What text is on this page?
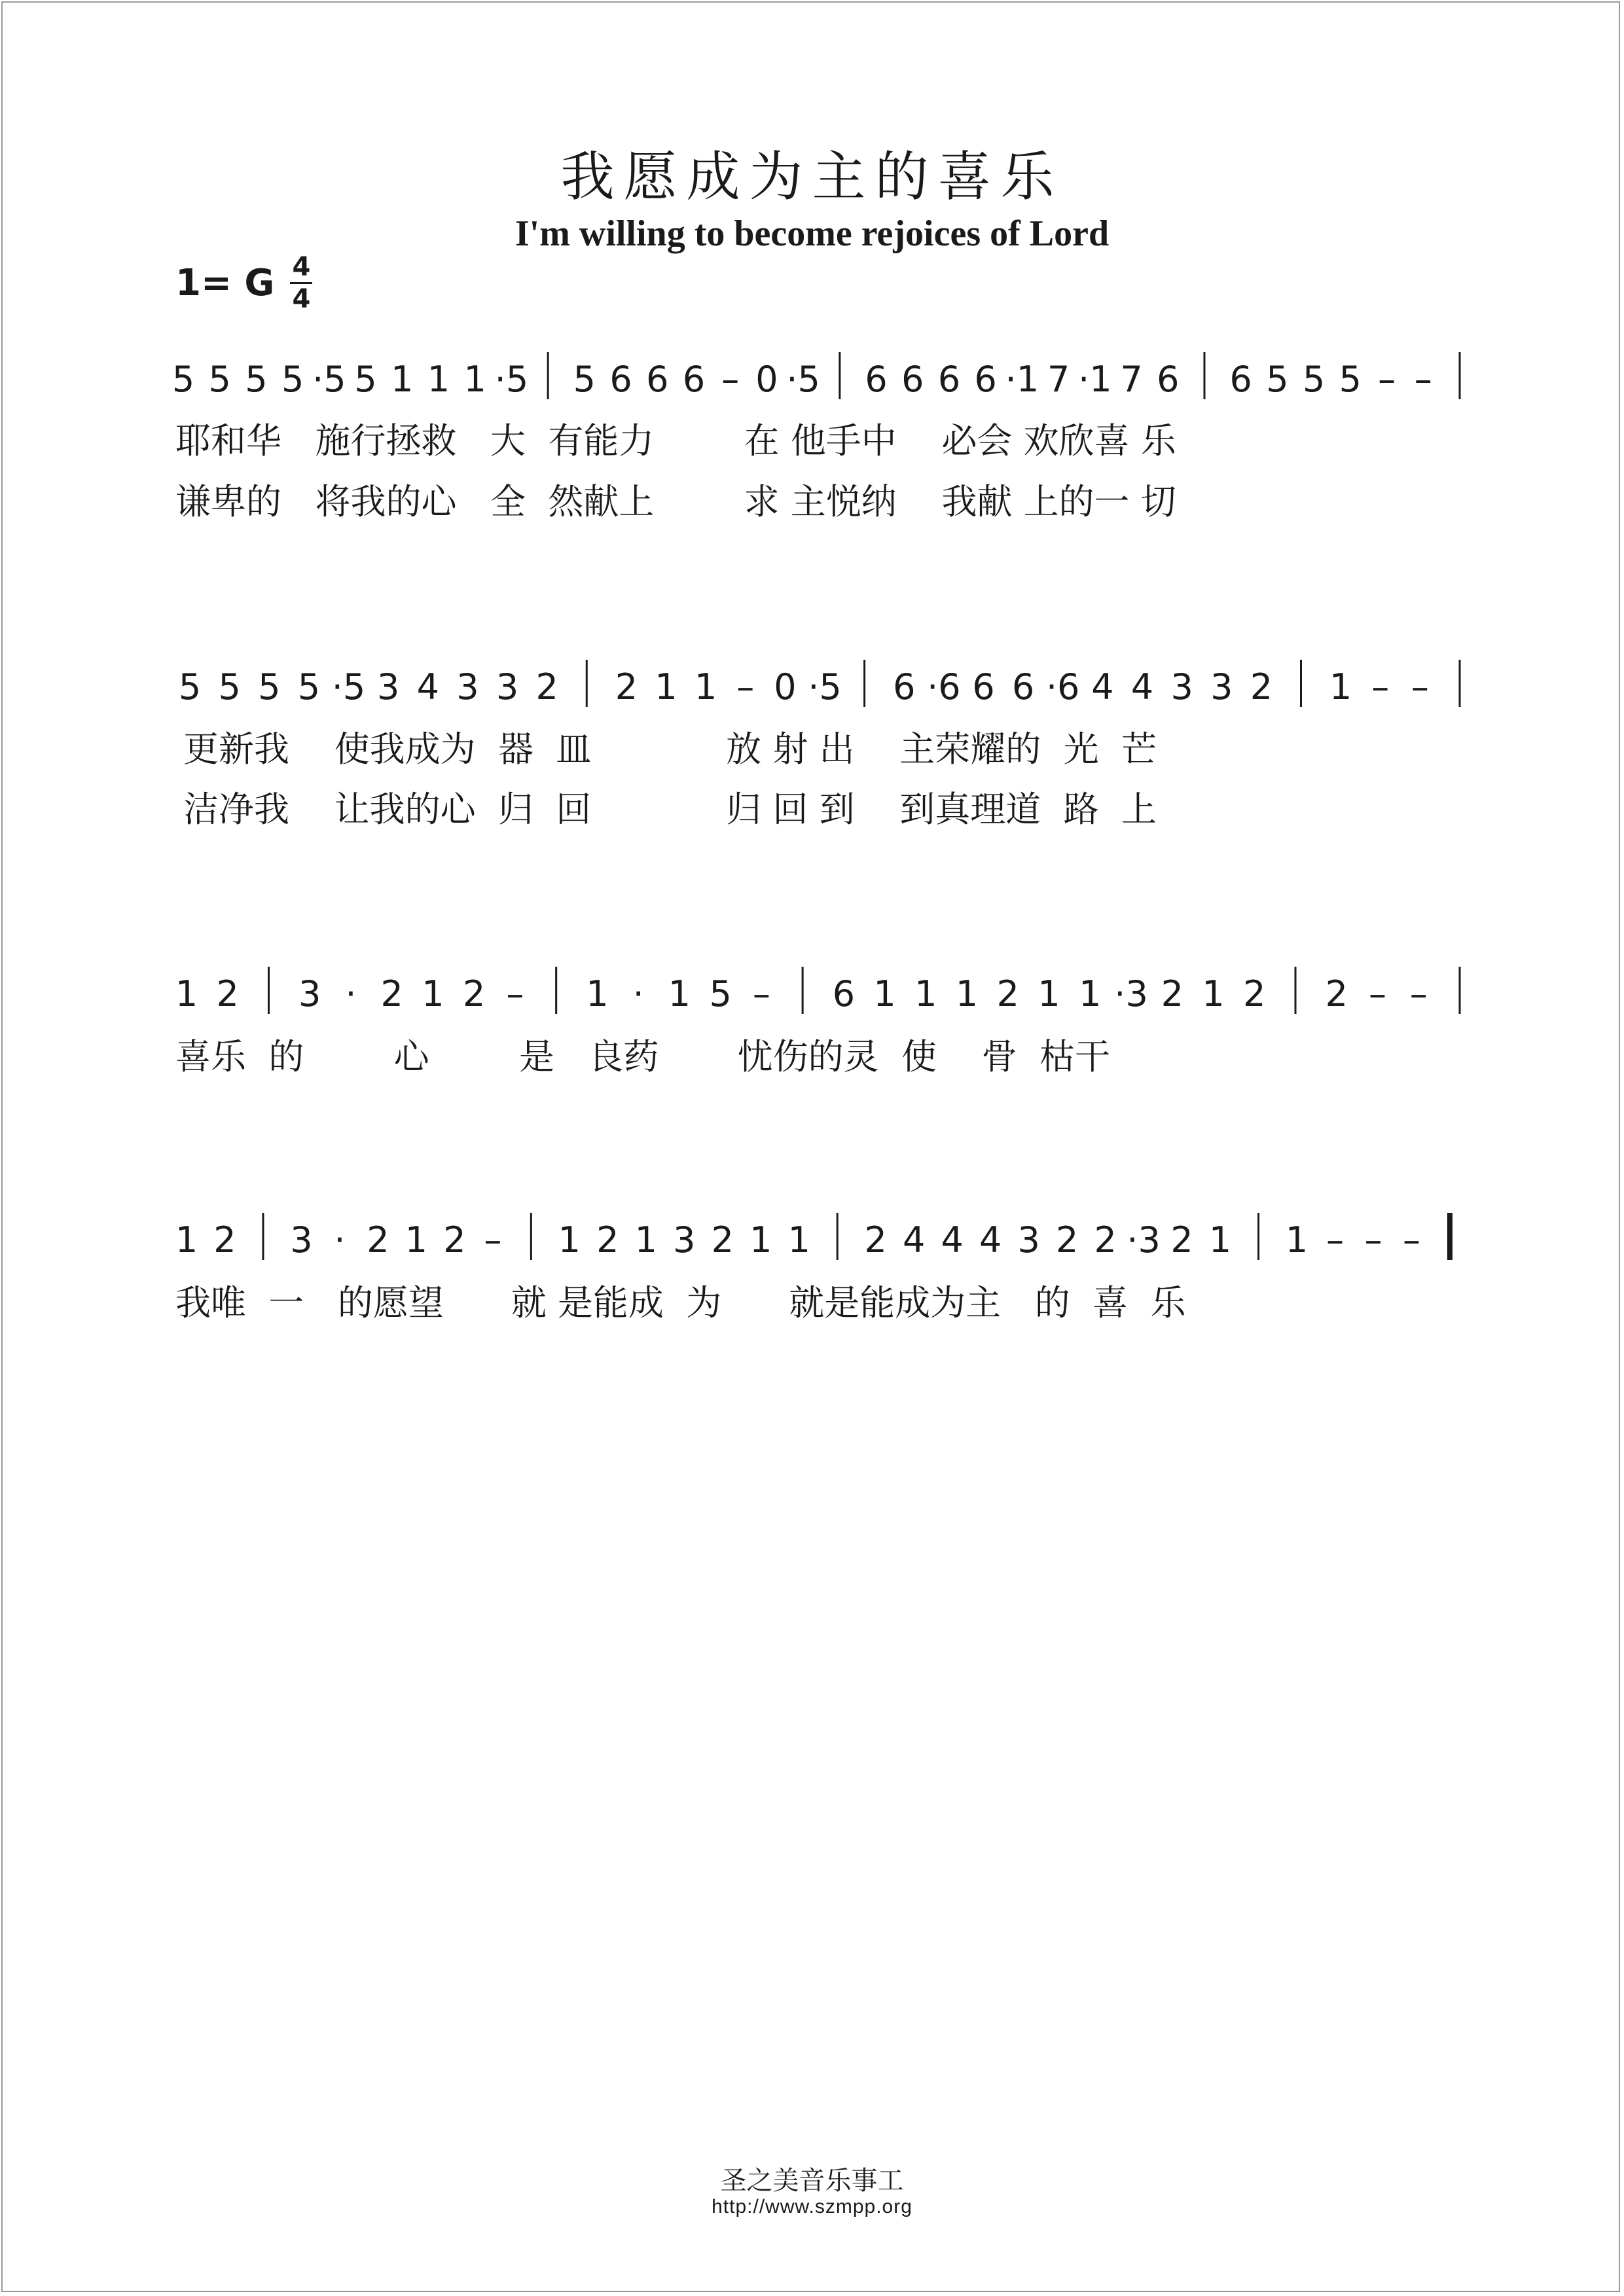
我愿成为主的喜乐
I'm willing to become rejoices of Lord
1= G 4
4
5 5 5 5 ·5 5 1 1 1 ·5 5 6 6 6 – 0 ·5 6 6 6 6 ·1 7 ·1 7 6 6 5 5 5 – –
5 5 5 5 ·5 3 4 3 3 2 2 1 1 – 0 ·5 6 ·6 6 6 ·6 4 4 3 3 2 1 – –
1 2 3 · 2 1 2 – 1 · 1 5 – 6 1 1 1 2 1 1 ·3 2 1 2 2 – –
1 2 3 · 2 1 2 – 1 2 1 3 2 1 1 2 4 4 4 3 2 2 ·3 2 1 1 – – –
耶和华   施行拯救   大  有能力        在 他手中    必会 欢欣喜 乐
谦卑的   将我的心   全  然献上        求 主悦纳    我献 上的一 切
更新我    使我成为  器  皿            放 射 出    主荣耀的  光  芒
洁净我    让我的心  归  回            归 回 到    到真理道  路  上
喜乐  的        心        是   良药       忧伤的灵  使    骨  枯干
我唯  一   的愿望      就 是能成  为      就是能成为主   的  喜  乐
圣之美音乐事工
http://www.szmpp.org
